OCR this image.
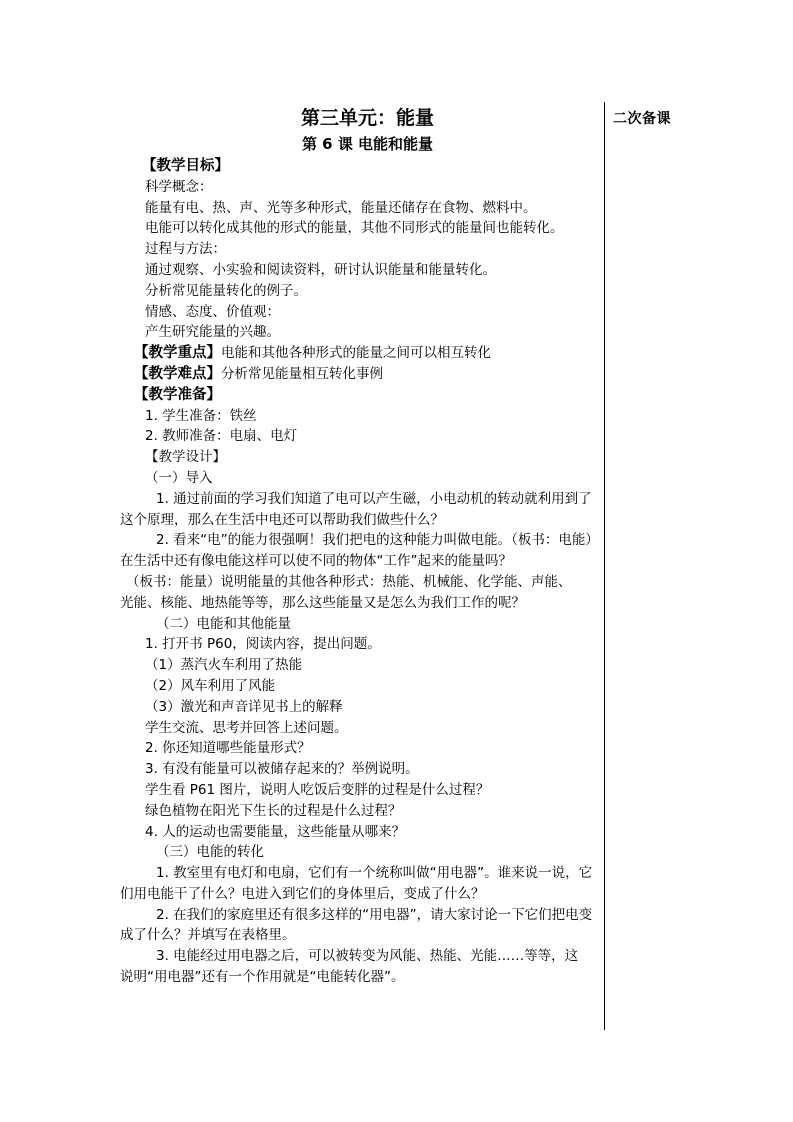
二次备课
第三单元：能量
第 6 课 电能和能量
【教学目标】
科学概念：
能量有电、热、声、光等多种形式，能量还储存在食物、燃料中。
电能可以转化成其他的形式的能量，其他不同形式的能量间也能转化。
过程与方法：
通过观察、小实验和阅读资料，研讨认识能量和能量转化。
分析常见能量转化的例子。
情感、态度、价值观：
产生研究能量的兴趣。
【教学重点】电能和其他各种形式的能量之间可以相互转化
【教学难点】分析常见能量相互转化事例
【教学准备】
1. 学生准备：铁丝
2. 教师准备：电扇、电灯
【教学设计】
（一）导入
1. 通过前面的学习我们知道了电可以产生磁，小电动机的转动就利用到了
这个原理，那么在生活中电还可以帮助我们做些什么？
2. 看来“电”的能力很强啊！我们把电的这种能力叫做电能。（板书：电能）
在生活中还有像电能这样可以使不同的物体“工作”起来的能量吗？
（板书：能量）说明能量的其他各种形式：热能、机械能、化学能、声能、
光能、核能、地热能等等，那么这些能量又是怎么为我们工作的呢？
（二）电能和其他能量
1. 打开书 P60，阅读内容，提出问题。
（1）蒸汽火车利用了热能
（2）风车利用了风能
（3）激光和声音详见书上的解释
学生交流、思考并回答上述问题。
2. 你还知道哪些能量形式？
3. 有没有能量可以被储存起来的？举例说明。
学生看 P61 图片，说明人吃饭后变胖的过程是什么过程？
绿色植物在阳光下生长的过程是什么过程？
4. 人的运动也需要能量，这些能量从哪来？
（三）电能的转化
1. 教室里有电灯和电扇，它们有一个统称叫做“用电器”。谁来说一说，它
们用电能干了什么？电进入到它们的身体里后，变成了什么？
2. 在我们的家庭里还有很多这样的“用电器”，请大家讨论一下它们把电变
成了什么？并填写在表格里。
3. 电能经过用电器之后，可以被转变为风能、热能、光能……等等，这
说明“用电器”还有一个作用就是“电能转化器”。
